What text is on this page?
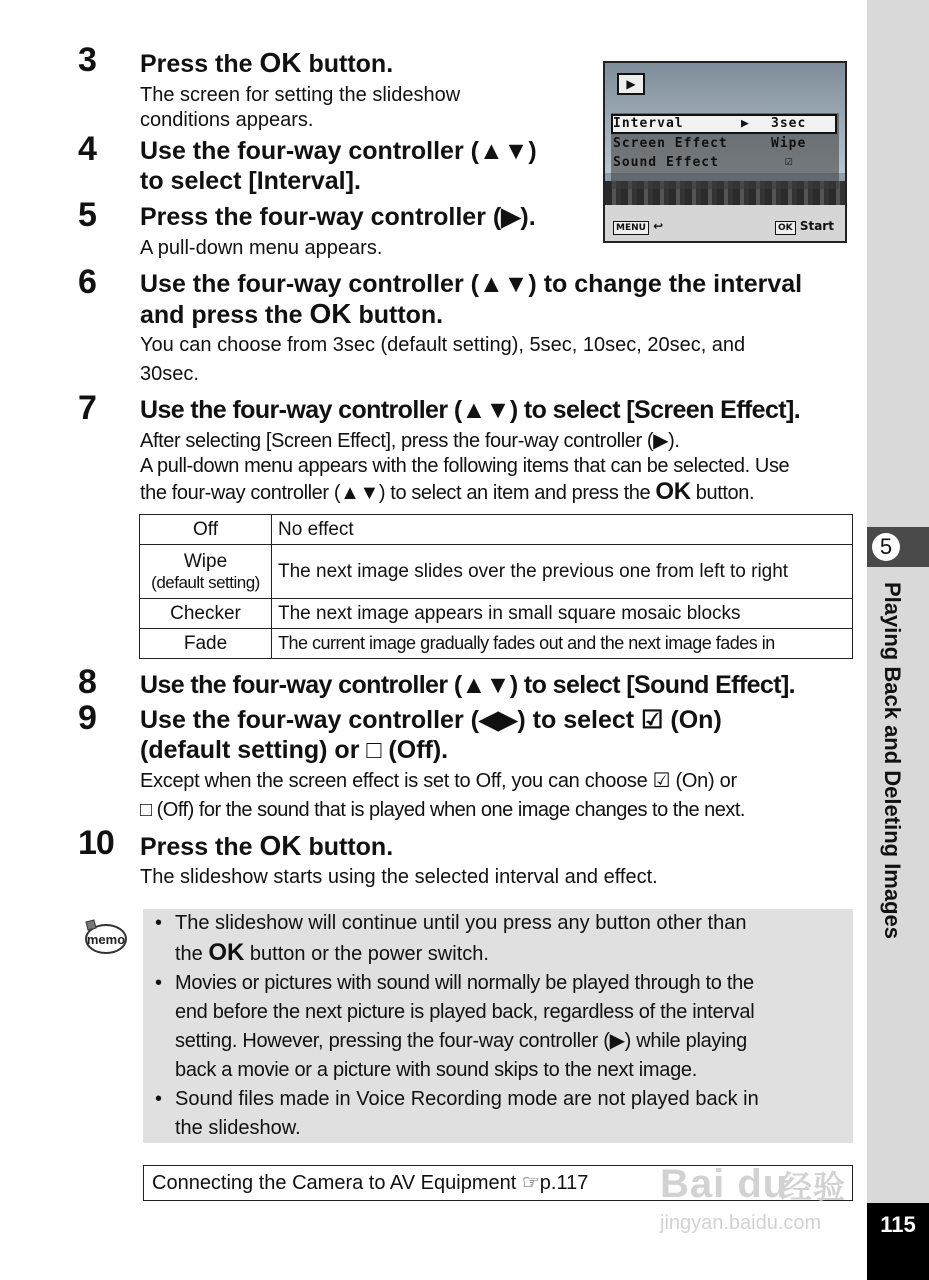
5
Playing Back and Deleting Images
115
3 Press the OK button.
The screen for setting the slideshow
conditions appears.
▶
Interval	▶ 3sec
Screen Effect	Wipe
Sound Effect	☑
MENU ↩	OK Start
4 Use the four-way controller (▲▼)
to select [Interval].
5 Press the four-way controller (▶).
A pull-down menu appears.
6 Use the four-way controller (▲▼) to change the interval
and press the OK button.
You can choose from 3sec (default setting), 5sec, 10sec, 20sec, and
30sec.
7 Use the four-way controller (▲▼) to select [Screen Effect].
After selecting [Screen Effect], press the four-way controller (▶).
A pull-down menu appears with the following items that can be selected. Use
the four-way controller (▲▼) to select an item and press the OK button.
Off	No effect

Wipe
(default setting)	The next image slides over the previous one from left to right
Checker	The next image appears in small square mosaic blocks
Fade	The current image gradually fades out and the next image fades in
8 Use the four-way controller (▲▼) to select [Sound Effect].
9 Use the four-way controller (◀▶) to select ☑ (On)
(default setting) or □ (Off).
Except when the screen effect is set to Off, you can choose ☑ (On) or
□ (Off) for the sound that is played when one image changes to the next.
10 Press the OK button.
The slideshow starts using the selected interval and effect.
memo
• The slideshow will continue until you press any button other than
the OK button or the power switch.
• Movies or pictures with sound will normally be played through to the
end before the next picture is played back, regardless of the interval
setting. However, pressing the four-way controller (▶) while playing
back a movie or a picture with sound skips to the next image.
• Sound files made in Voice Recording mode are not played back in
the slideshow.
Connecting the Camera to AV Equipment ☞p.117	Bai du
经验
jingyan.baidu.com
